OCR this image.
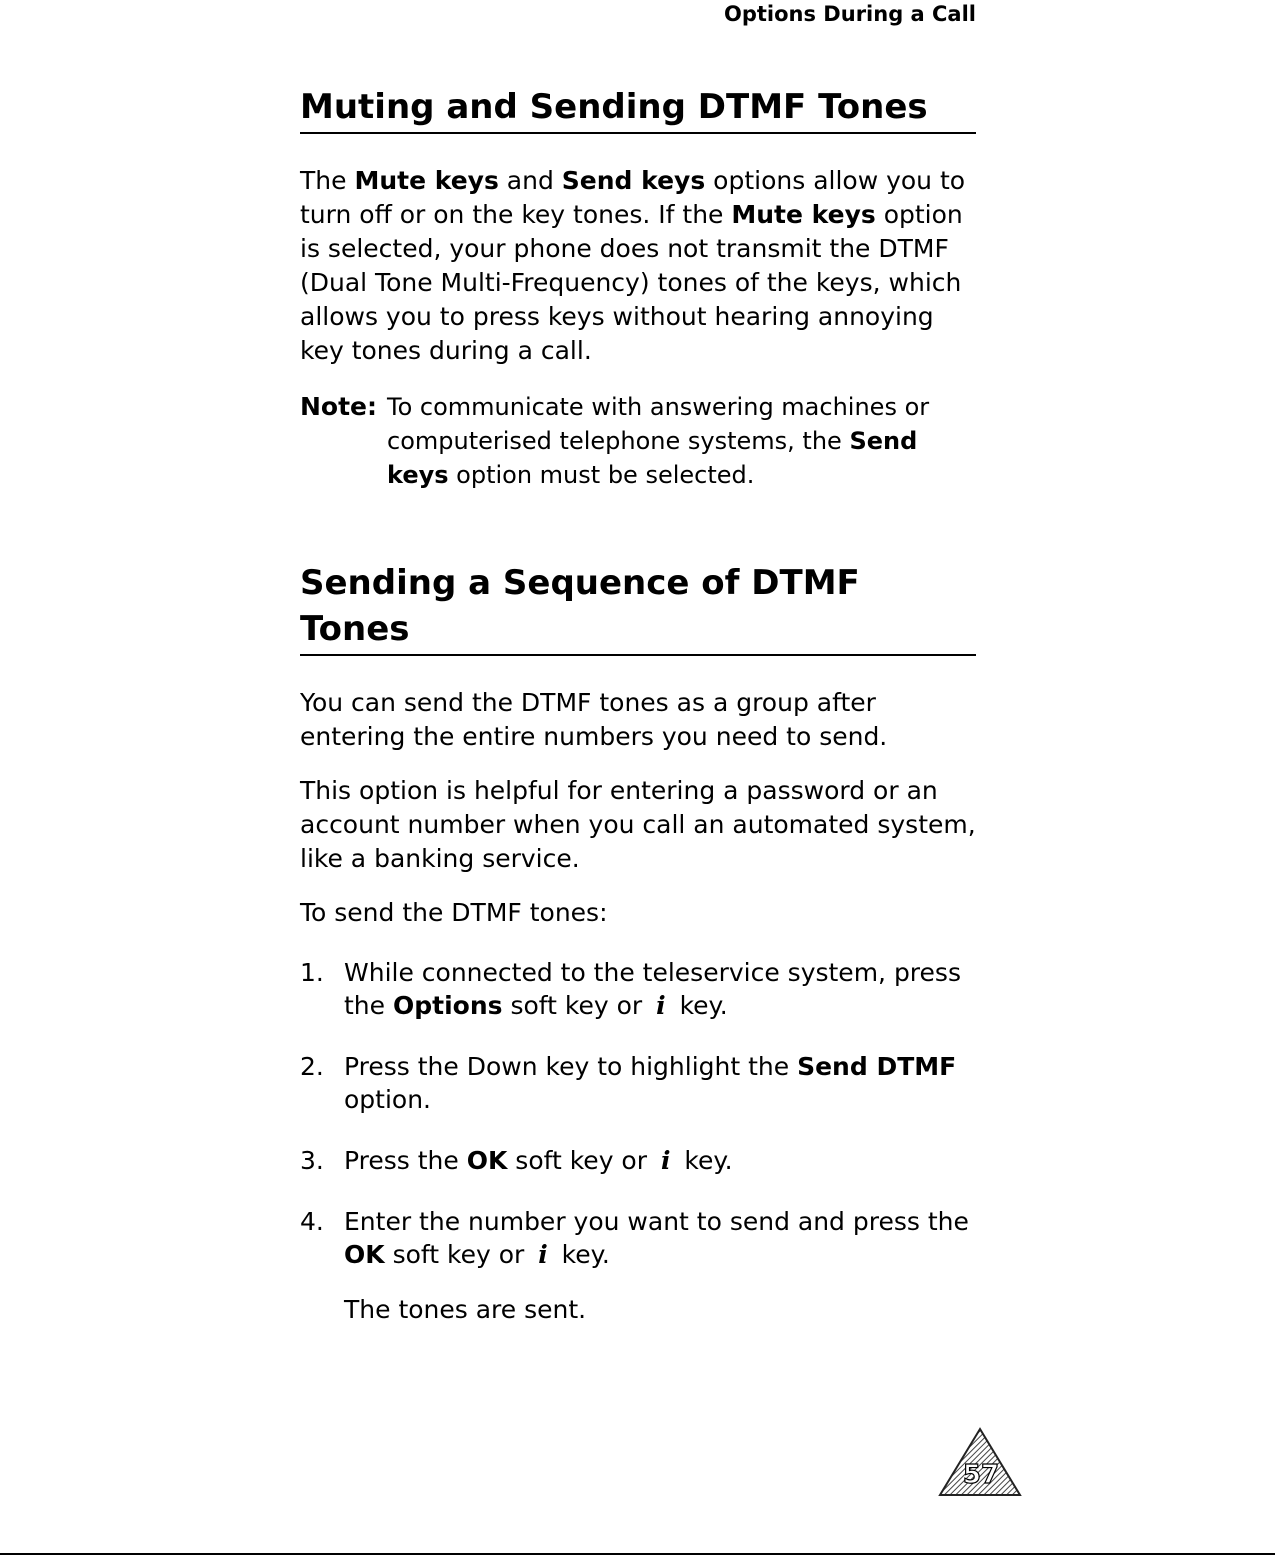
Options During a Call
Muting and Sending DTMF Tones

The Mute keys and Send keys options allow you to turn off or on the key tones. If the Mute keys option is selected, your phone does not transmit the DTMF (Dual Tone Multi-Frequency) tones of the keys, which allows you to press keys without hearing annoying key tones during a call.

Note: To communicate with answering machines or computerised telephone systems, the Send keys option must be selected.
Sending a Sequence of DTMF Tones

You can send the DTMF tones as a group after entering the entire numbers you need to send.

This option is helpful for entering a password or an account number when you call an automated system, like a banking service.

To send the DTMF tones:

1. While connected to the teleservice system, press the Options soft key or i key.
2. Press the Down key to highlight the Send DTMF option.
3. Press the OK soft key or i key.
4. Enter the number you want to send and press the OK soft key or i key.
The tones are sent.
57
